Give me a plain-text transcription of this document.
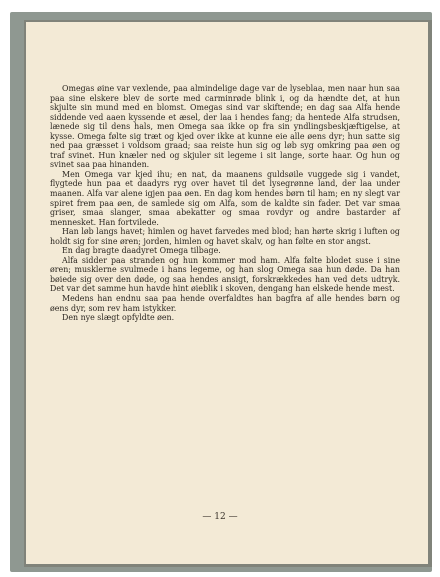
Omegas øine var vexlende, paa almindelige dage var de lyseblaa, men naar hun saa paa sine elskere blev de sorte med carminrøde blink i, og da hændte det, at hun skjulte sin mund med en blomst. Omegas sind var skiftende; en dag saa Alfa hende siddende ved aaen kyssende et æsel, der laa i hendes fang; da hentede Alfa strudsen, lænede sig til dens hals, men Omega saa ikke op fra sin yndlingsbeskjæftigelse, at kysse. Omega følte sig træt og kjed over ikke at kunne eie alle øens dyr; hun satte sig ned paa græsset i voldsom graad; saa reiste hun sig og løb syg omkring paa øen og traf svinet. Hun knæler ned og skjuler sit legeme i sit lange, sorte haar. Og hun og svinet saa paa hinanden.

Men Omega var kjed ihu; en nat, da maanens guldsøile vuggede sig i vandet, flygtede hun paa et daadyrs ryg over havet til det lysegrønne land, der laa under maanen. Alfa var alene igjen paa øen. En dag kom hendes børn til ham; en ny slegt var spiret frem paa øen, de samlede sig om Alfa, som de kaldte sin fader. Det var smaa griser, smaa slanger, smaa abekatter og smaa rovdyr og andre bastarder af mennesket. Han fortvilede.

Han løb langs havet; himlen og havet farvedes med blod; han hørte skrig i luften og holdt sig for sine øren; jorden, himlen og havet skalv, og han følte en stor angst.

En dag bragte daadyret Omega tilbage.

Alfa sidder paa stranden og hun kommer mod ham. Alfa følte blodet suse i sine øren; musklerne svulmede i hans legeme, og han slog Omega saa hun døde. Da han bøiede sig over den døde, og saa hendes ansigt, forskrækkedes han ved dets udtryk. Det var det samme hun havde hint øieblik i skoven, dengang han elskede hende mest.

Medens han endnu saa paa hende overfaldtes han bagfra af alle hendes børn og øens dyr, som rev ham istykker.

Den nye slægt opfyldte øen.

— 12 —
